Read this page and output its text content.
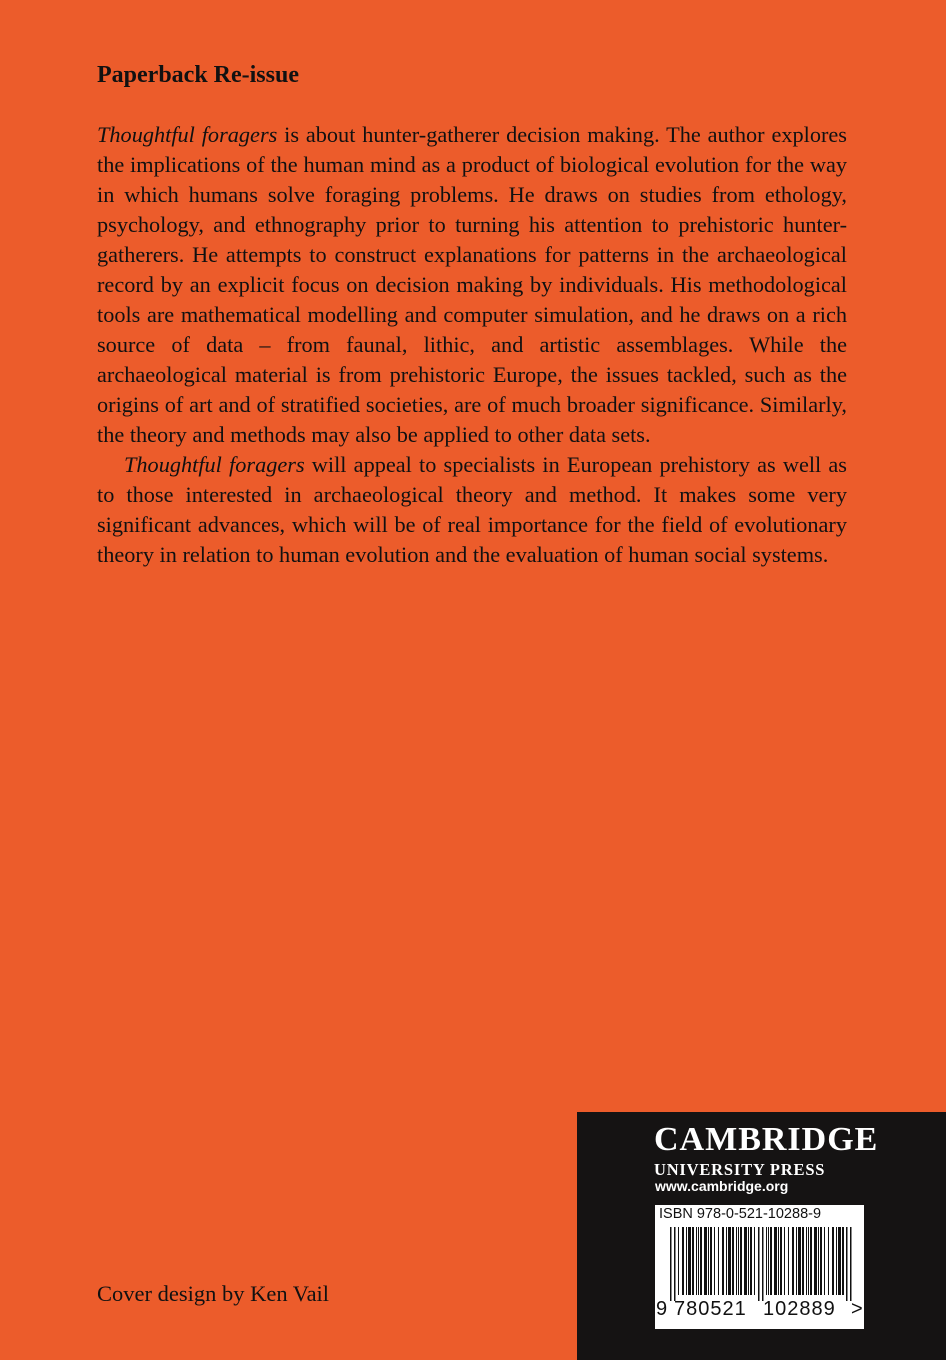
Paperback Re-issue

Thoughtful foragers is about hunter-gatherer decision making. The author explores the implications of the human mind as a product of biological evolution for the way in which humans solve foraging problems. He draws on studies from ethology, psychology, and ethnography prior to turning his attention to prehistoric hunter-gatherers. He attempts to construct explanations for patterns in the archaeological record by an explicit focus on decision making by individuals. His methodological tools are mathematical modelling and computer simulation, and he draws on a rich source of data – from faunal, lithic, and artistic assemblages. While the archaeological material is from prehistoric Europe, the issues tackled, such as the origins of art and of stratified societies, are of much broader significance. Similarly, the theory and methods may also be applied to other data sets.

Thoughtful foragers will appeal to specialists in European prehistory as well as to those interested in archaeological theory and method. It makes some very significant advances, which will be of real importance for the field of evolutionary theory in relation to human evolution and the evaluation of human social systems.

Cover design by Ken Vail

CAMBRIDGE
UNIVERSITY PRESS
www.cambridge.org
ISBN 978-0-521-10288-9
9 780521 102889 >
